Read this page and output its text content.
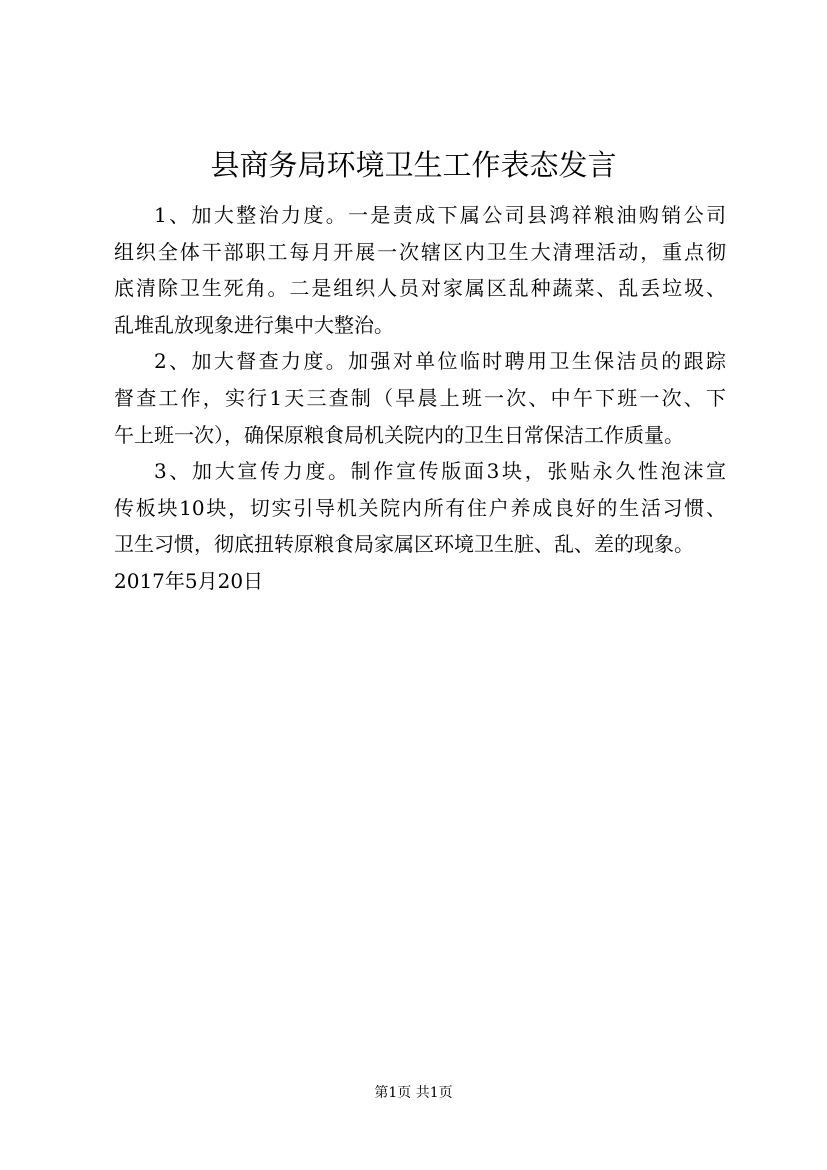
县商务局环境卫生工作表态发言

1、加大整治力度。一是责成下属公司县鸿祥粮油购销公司
组织全体干部职工每月开展一次辖区内卫生大清理活动，重点彻
底清除卫生死角。二是组织人员对家属区乱种蔬菜、乱丢垃圾、
乱堆乱放现象进行集中大整治。

2、加大督查力度。加强对单位临时聘用卫生保洁员的跟踪
督查工作，实行1天三查制（早晨上班一次、中午下班一次、下
午上班一次），确保原粮食局机关院内的卫生日常保洁工作质量。

3、加大宣传力度。制作宣传版面3块，张贴永久性泡沫宣
传板块10块，切实引导机关院内所有住户养成良好的生活习惯、
卫生习惯，彻底扭转原粮食局家属区环境卫生脏、乱、差的现象。

2017年5月20日

第1页 共1页
